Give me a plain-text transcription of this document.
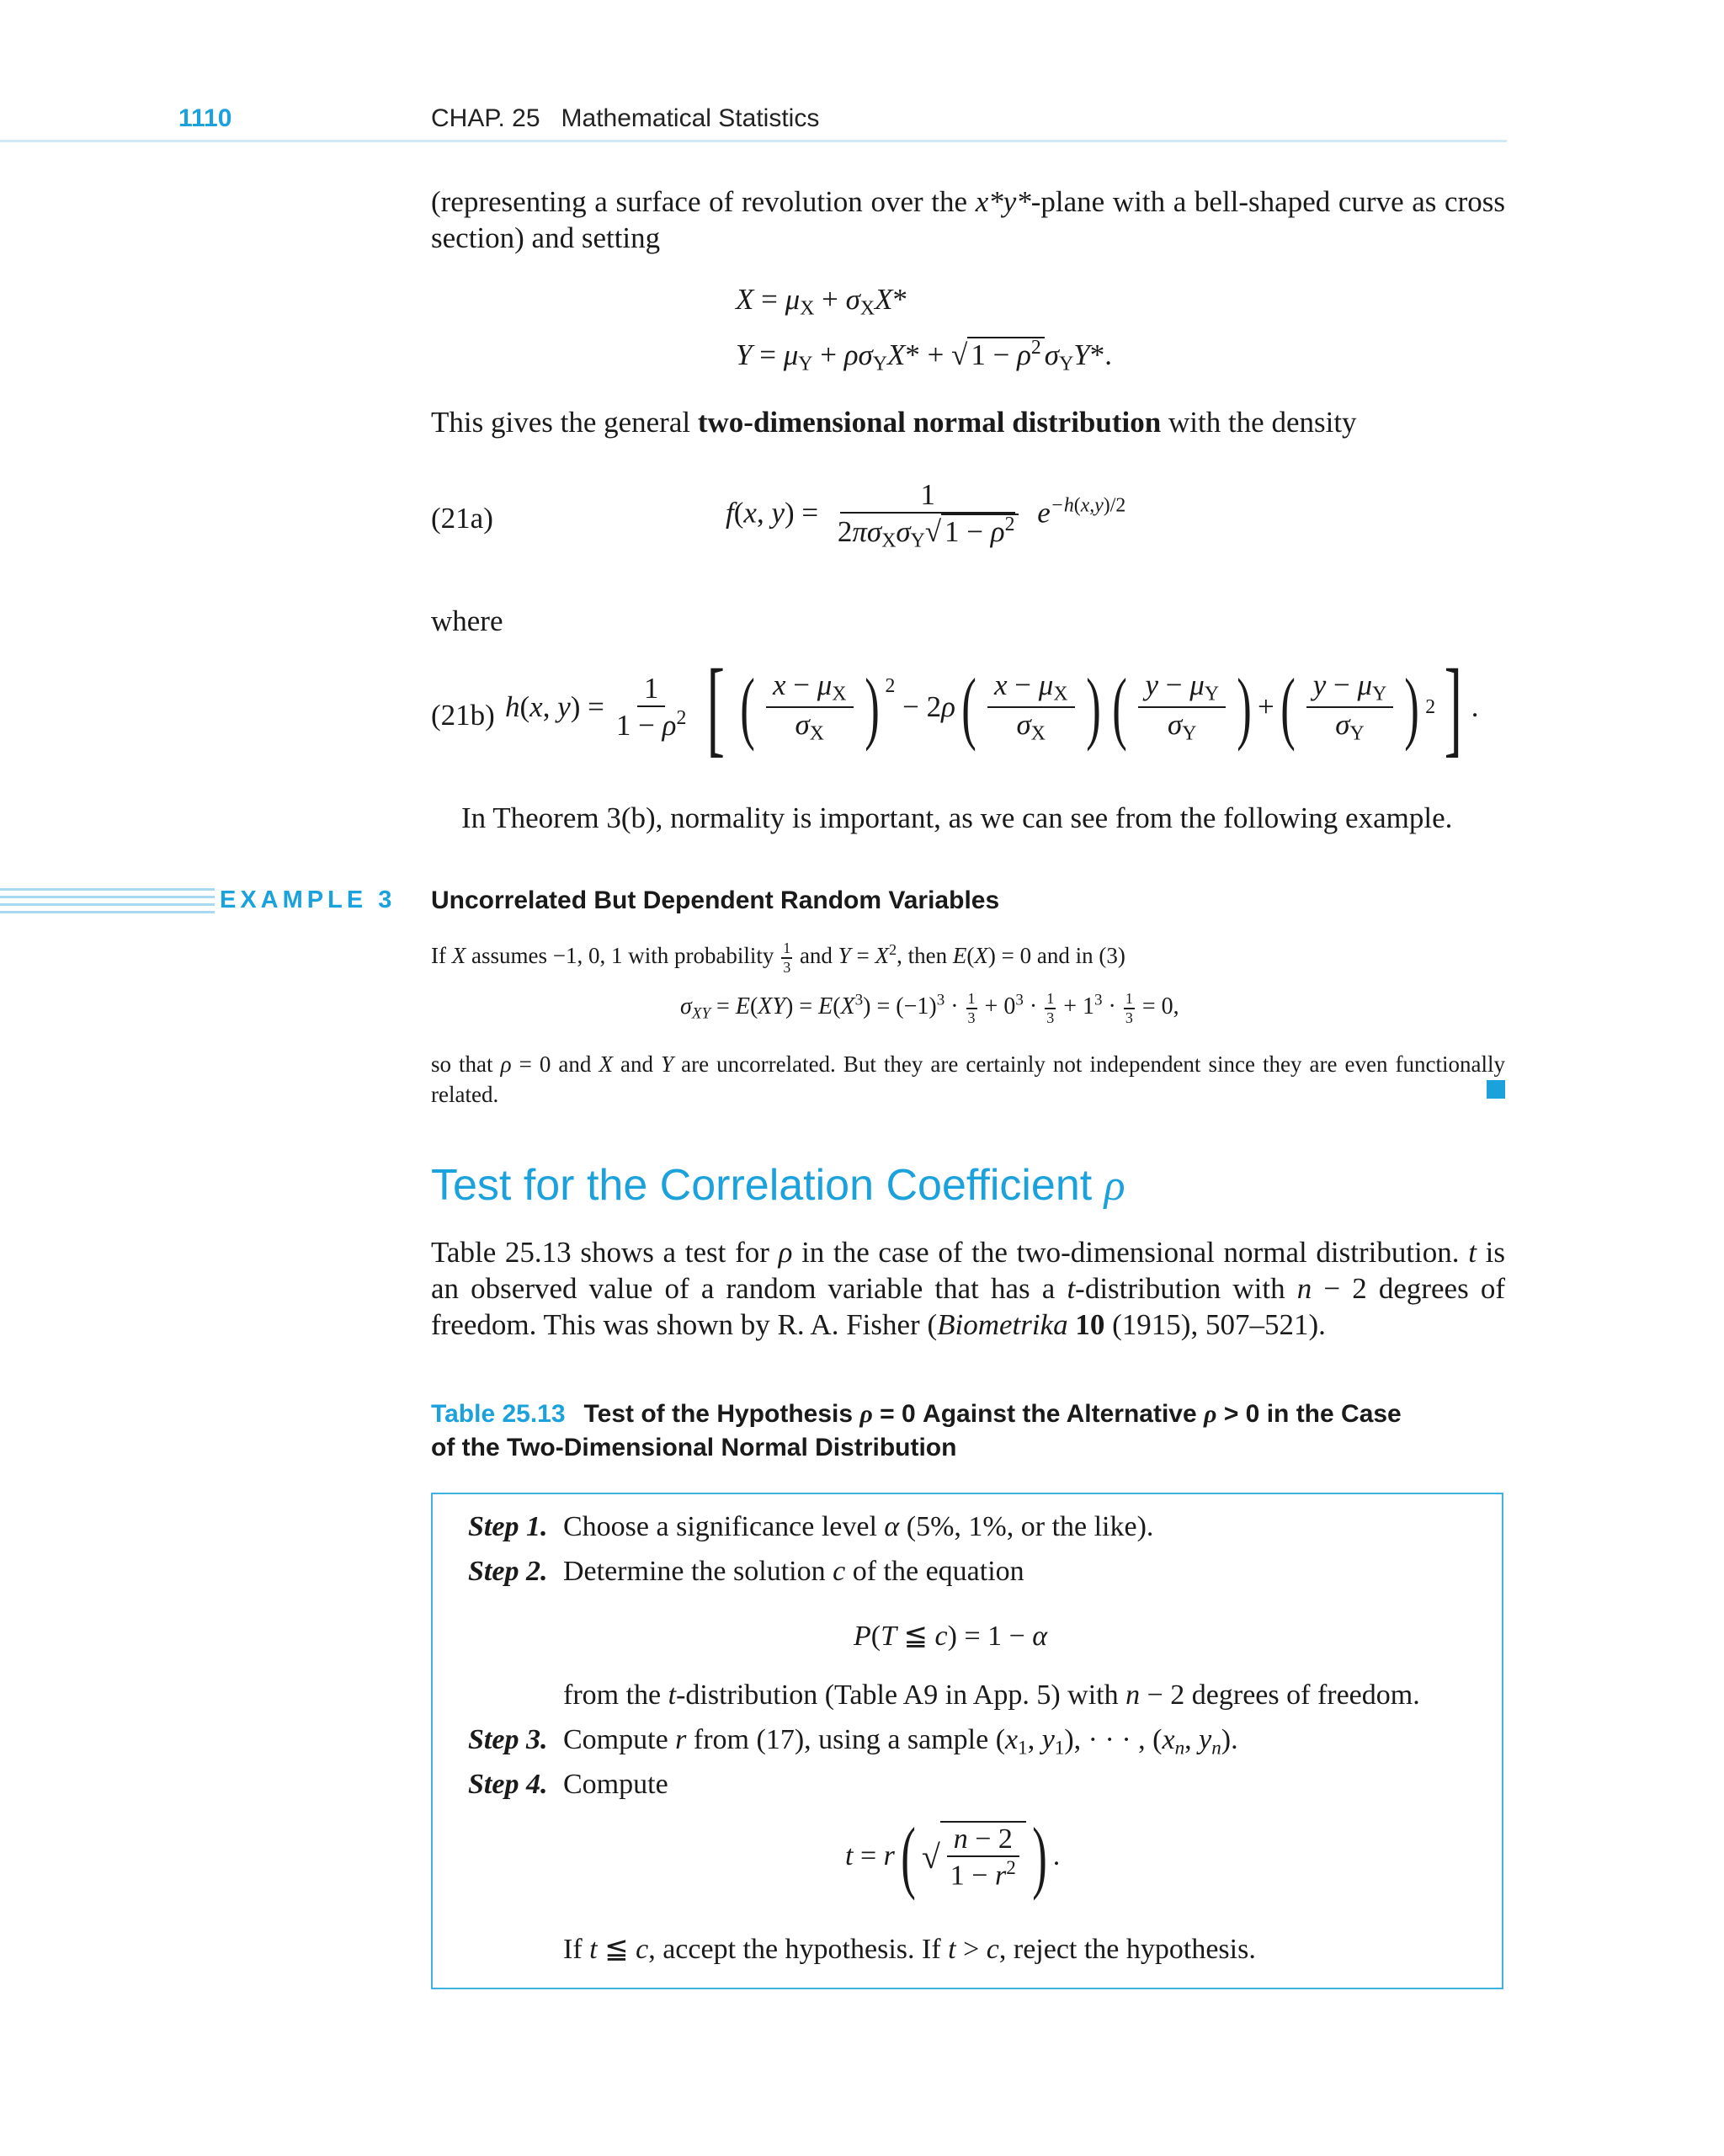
1110	CHAP. 25 Mathematical Statistics
(representing a surface of revolution over the x*y*-plane with a bell-shaped curve as cross
section) and setting
$X = \mu_X + \sigma_XX*$
$Y = \mu_Y + \rho\sigma_YX*$ + √ $1 - \rho^2$ $\sigma_YY*$.
This gives the general two-dimensional normal distribution with the density
(21a)	f(x, $y) = \frac{1}{2\pi\sigma_X\sigma_Y√ 1 - \rho^2} e^{-h(x,y)/2}$
where
(21b) h(x, $y) = \frac{1}{1 - \rho^2}$ [ ( $\frac{x - \mu_X}{\sigma_X}$ ) $^2$
− 2ρ ( $\frac{x - \mu_X}{\sigma_X}$ ) ( $\frac{y - \mu_Y}{\sigma_Y}$ ) + ( $\frac{y - \mu_Y}{\sigma_Y}$ ) 2 ] .
In Theorem 3(b), normality is important, as we can see from the following example.
EXAMPLE 3 Uncorrelated But Dependent Random Variables
If X assumes −1, 0, 1 with probability $\frac{1}{3}$ and $Y = X^2$, then E(X) = 0 and in (3)
$\sigma_{XY} = E(XY) = E(X^3) = (-1)^3 \cdot \frac{1}{3} + 0^3 \cdot \frac{1}{3} + 1^3 \cdot \frac{1}{3} = 0$,
so that ρ = 0 and X and Y are uncorrelated. But they are certainly not independent since they are even functionally
related.
Test for the Correlation Coefficient ρ
Table 25.13 shows a test for ρ in the case of the two-dimensional normal distribution. t is
an observed value of a random variable that has a t-distribution with n − 2 degrees of
freedom. This was shown by R. A. Fisher (Biometrika 10 (1915), 507–521).
Table 25.13 Test of the Hypothesis ρ = 0 Against the Alternative ρ > 0 in the Case
of the Two-Dimensional Normal Distribution
Step 1. Choose a significance level α (5%, 1%, or the like).
Step 2. Determine the solution c of the equation
P(T ≦ c) = 1 − α
from the t-distribution (Table A9 in App. 5) with n − 2 degrees of freedom.
Step 3. Compute r from (17), using a sample ($x_1$, $y_1$), · · · , ($x_n$, $y_n$).
Step 4. Compute
t = r ( √ $\frac{n - 2}{1 - r^2}$ ) .
If t ≦ c, accept the hypothesis. If t > c, reject the hypothesis.
